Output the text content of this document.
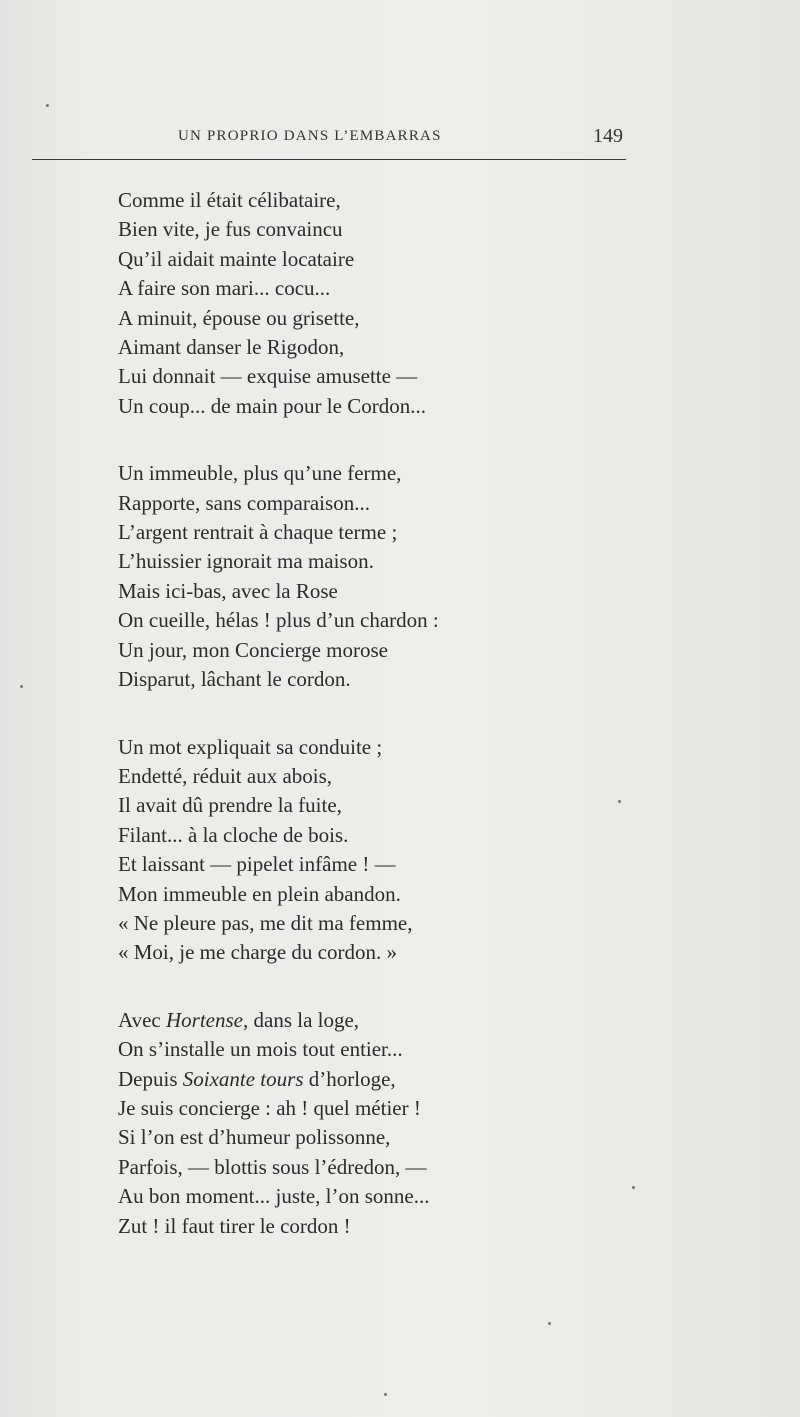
UN PROPRIO DANS L’EMBARRAS	149
Comme il était célibataire,
Bien vite, je fus convaincu
Qu’il aidait mainte locataire
A faire son mari... cocu...
A minuit, épouse ou grisette,
Aimant danser le Rigodon,
Lui donnait — exquise amusette —
Un coup... de main pour le Cordon...
Un immeuble, plus qu’une ferme,
Rapporte, sans comparaison...
L’argent rentrait à chaque terme ;
L’huissier ignorait ma maison.
Mais ici-bas, avec la Rose
On cueille, hélas ! plus d’un chardon :
Un jour, mon Concierge morose
Disparut, lâchant le cordon.
Un mot expliquait sa conduite ;
Endetté, réduit aux abois,
Il avait dû prendre la fuite,
Filant... à la cloche de bois.
Et laissant — pipelet infâme ! —
Mon immeuble en plein abandon.
« Ne pleure pas, me dit ma femme,
« Moi, je me charge du cordon. »
Avec Hortense, dans la loge,
On s’installe un mois tout entier...
Depuis Soixante tours d’horloge,
Je suis concierge : ah ! quel métier !
Si l’on est d’humeur polissonne,
Parfois, — blottis sous l’édredon, —
Au bon moment... juste, l’on sonne...
Zut ! il faut tirer le cordon !
